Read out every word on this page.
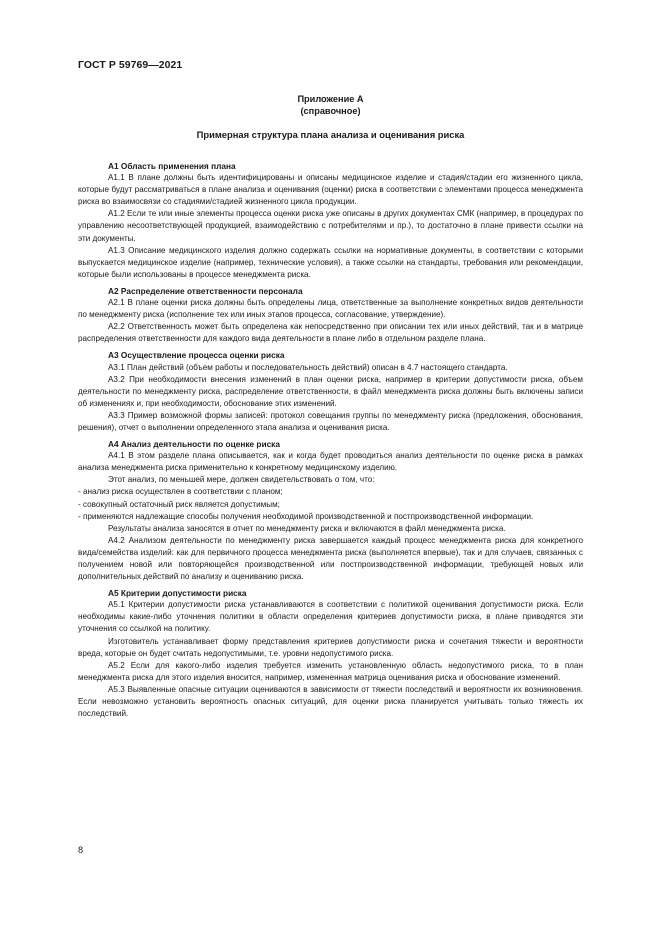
ГОСТ Р 59769—2021
Приложение А
(справочное)
Примерная структура плана анализа и оценивания риска
А1 Область применения плана

А1.1 В плане должны быть идентифицированы и описаны медицинское изделие и стадия/стадии его жизненного цикла, которые будут рассматриваться в плане анализа и оценивания (оценки) риска в соответствии с элементами процесса менеджмента риска во взаимосвязи со стадиями/стадией жизненного цикла продукции.

А1.2 Если те или иные элементы процесса оценки риска уже описаны в других документах СМК (например, в процедурах по управлению несоответствующей продукцией, взаимодействию с потребителями и пр.), то достаточно в плане привести ссылки на эти документы.

А1.3 Описание медицинского изделия должно содержать ссылки на нормативные документы, в соответствии с которыми выпускается медицинское изделие (например, технические условия), а также ссылки на стандарты, требования или рекомендации, которые были использованы в процессе менеджмента риска.

А2 Распределение ответственности персонала

А2.1 В плане оценки риска должны быть определены лица, ответственные за выполнение конкретных видов деятельности по менеджменту риска (исполнение тех или иных этапов процесса, согласование, утверждение).

А2.2 Ответственность может быть определена как непосредственно при описании тех или иных действий, так и в матрице распределения ответственности для каждого вида деятельности в плане либо в отдельном разделе плана.

А3 Осуществление процесса оценки риска

А3.1 План действий (объем работы и последовательность действий) описан в 4.7 настоящего стандарта.

А3.2 При необходимости внесения изменений в план оценки риска, например в критерии допустимости риска, объем деятельности по менеджменту риска, распределение ответственности, в файл менеджмента риска должны быть включены записи об изменениях и, при необходимости, обоснование этих изменений.

А3.3 Пример возможной формы записей: протокол совещания группы по менеджменту риска (предложения, обоснования, решения), отчет о выполнении определенного этапа анализа и оценивания риска.

А4 Анализ деятельности по оценке риска

А4.1 В этом разделе плана описывается, как и когда будет проводиться анализ деятельности по оценке риска в рамках анализа менеджмента риска применительно к конкретному медицинскому изделию.

Этот анализ, по меньшей мере, должен свидетельствовать о том, что:

- анализ риска осуществлен в соответствии с планом;

- совокупный остаточный риск является допустимым;

- применяются надлежащие способы получения необходимой производственной и постпроизводственной информации.

Результаты анализа заносятся в отчет по менеджменту риска и включаются в файл менеджмента риска.

А4.2 Анализом деятельности по менеджменту риска завершается каждый процесс менеджмента риска для конкретного вида/семейства изделий: как для первичного процесса менеджмента риска (выполняется впервые), так и для случаев, связанных с получением новой или повторяющейся производственной или постпроизводственной информации, требующей новых или дополнительных действий по анализу и оцениванию риска.

А5 Критерии допустимости риска

А5.1 Критерии допустимости риска устанавливаются в соответствии с политикой оценивания допустимости риска. Если необходимы какие-либо уточнения политики в области определения критериев допустимости риска, в плане приводятся эти уточнения со ссылкой на политику.

Изготовитель устанавливает форму представления критериев допустимости риска и сочетания тяжести и вероятности вреда, которые он будет считать недопустимыми, т.е. уровни недопустимого риска.

А5.2 Если для какого-либо изделия требуется изменить установленную область недопустимого риска, то в план менеджмента риска для этого изделия вносится, например, измененная матрица оценивания риска и обоснование изменений.

А5.3 Выявленные опасные ситуации оцениваются в зависимости от тяжести последствий и вероятности их возникновения. Если невозможно установить вероятность опасных ситуаций, для оценки риска планируется учитывать только тяжесть их последствий.

8
